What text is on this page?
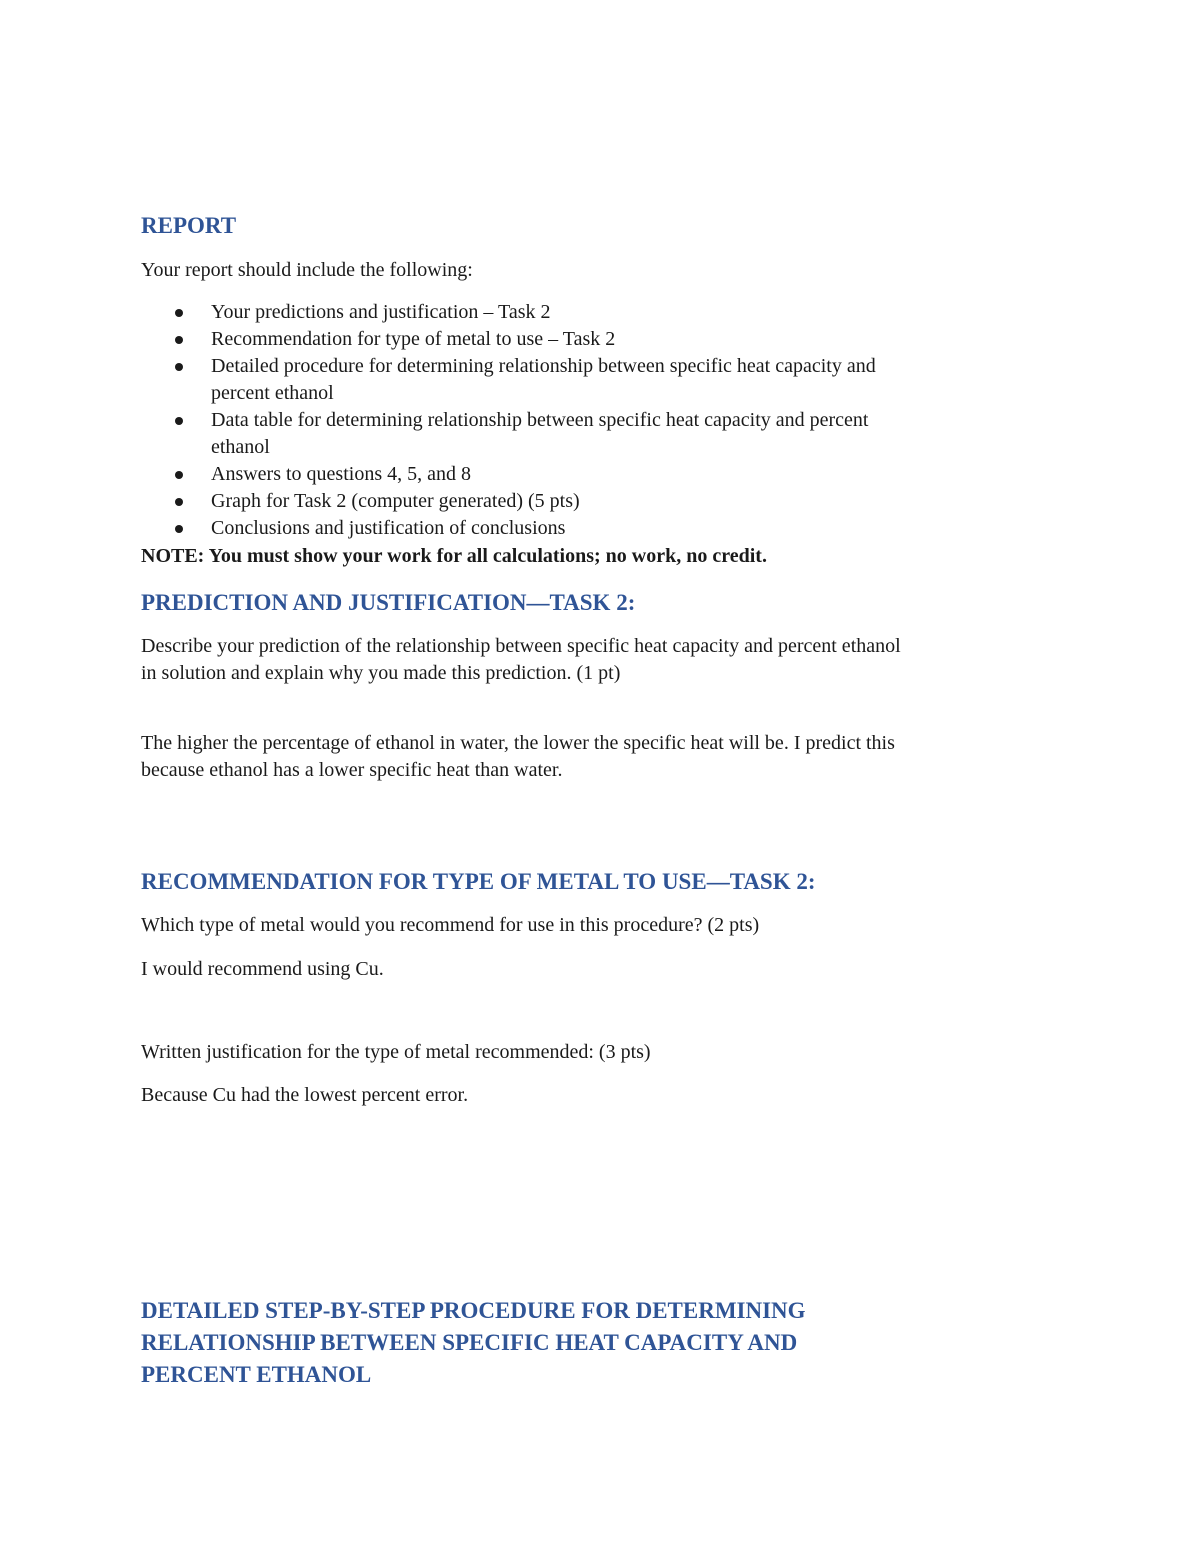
REPORT

Your report should include the following:

Your predictions and justification – Task 2
Recommendation for type of metal to use – Task 2
Detailed procedure for determining relationship between specific heat capacity and
percent ethanol
Data table for determining relationship between specific heat capacity and percent
ethanol
Answers to questions 4, 5, and 8
Graph for Task 2 (computer generated) (5 pts)
Conclusions and justification of conclusions

NOTE: You must show your work for all calculations; no work, no credit.

PREDICTION AND JUSTIFICATION—TASK 2:

Describe your prediction of the relationship between specific heat capacity and percent ethanol

in solution and explain why you made this prediction. (1 pt)

The higher the percentage of ethanol in water, the lower the specific heat will be. I predict this

because ethanol has a lower specific heat than water.

RECOMMENDATION FOR TYPE OF METAL TO USE—TASK 2:

Which type of metal would you recommend for use in this procedure? (2 pts)

I would recommend using Cu.

Written justification for the type of metal recommended: (3 pts)

Because Cu had the lowest percent error.

DETAILED STEP-BY-STEP PROCEDURE FOR DETERMINING
RELATIONSHIP BETWEEN SPECIFIC HEAT CAPACITY AND
PERCENT ETHANOL
